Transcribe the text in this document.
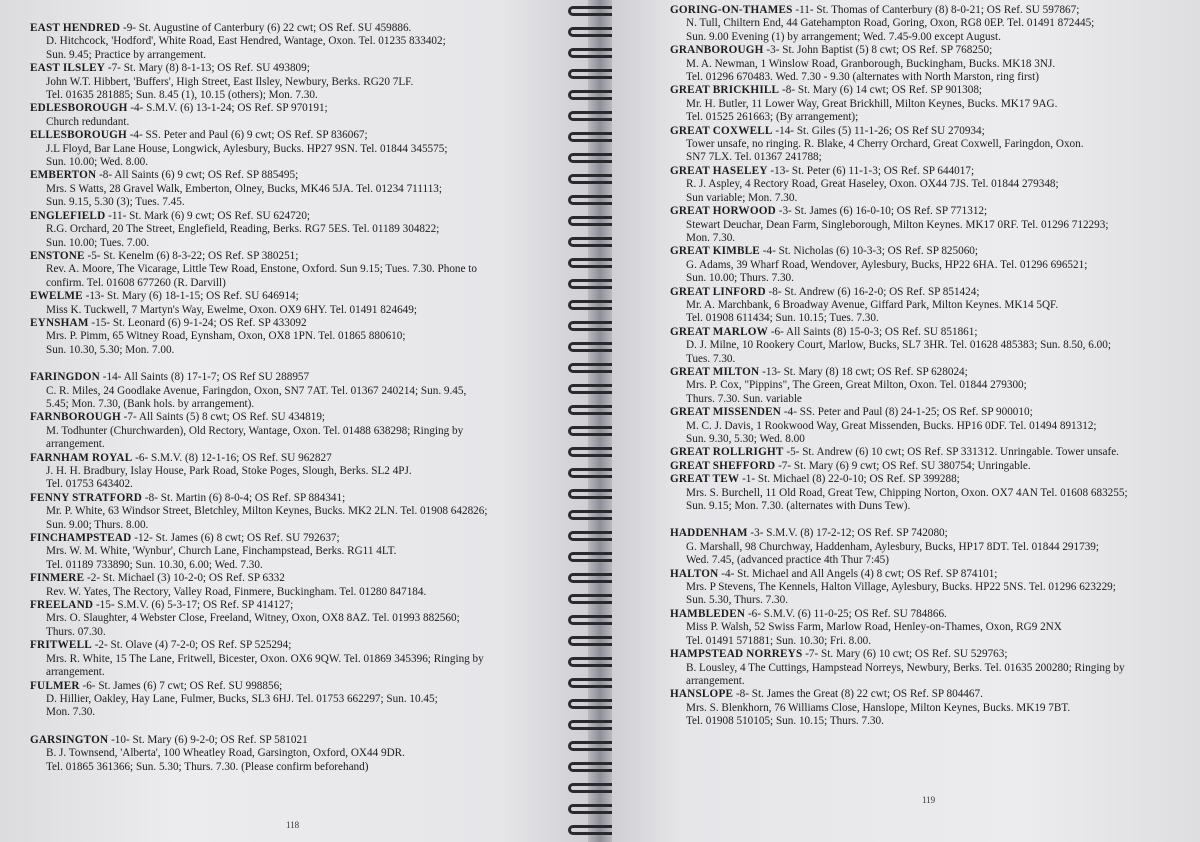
EAST HENDRED -9- St. Augustine of Canterbury (6) 22 cwt; OS Ref. SU 459886.
D. Hitchcock, 'Hodford', White Road, East Hendred, Wantage, Oxon. Tel. 01235 833402;
Sun. 9.45; Practice by arrangement.
EAST ILSLEY -7- St. Mary (8) 8-1-13; OS Ref. SU 493809;
John W.T. Hibbert, 'Buffers', High Street, East Ilsley, Newbury, Berks. RG20 7LF.
Tel. 01635 281885; Sun. 8.45 (1), 10.15 (others); Mon. 7.30.
EDLESBOROUGH -4- S.M.V. (6) 13-1-24; OS Ref. SP 970191;
Church redundant.
ELLESBOROUGH -4- SS. Peter and Paul (6) 9 cwt; OS Ref. SP 836067;
J.L Floyd, Bar Lane House, Longwick, Aylesbury, Bucks. HP27 9SN. Tel. 01844 345575;
Sun. 10.00; Wed. 8.00.
EMBERTON -8- All Saints (6) 9 cwt; OS Ref. SP 885495;
Mrs. S Watts, 28 Gravel Walk, Emberton, Olney, Bucks, MK46 5JA. Tel. 01234 711113;
Sun. 9.15, 5.30 (3); Tues. 7.45.
ENGLEFIELD -11- St. Mark (6) 9 cwt; OS Ref. SU 624720;
R.G. Orchard, 20 The Street, Englefield, Reading, Berks. RG7 5ES. Tel. 01189 304822;
Sun. 10.00; Tues. 7.00.
ENSTONE -5- St. Kenelm (6) 8-3-22; OS Ref. SP 380251;
Rev. A. Moore, The Vicarage, Little Tew Road, Enstone, Oxford. Sun 9.15; Tues. 7.30. Phone to
confirm. Tel. 01608 677260 (R. Darvill)
EWELME -13- St. Mary (6) 18-1-15; OS Ref. SU 646914;
Miss K. Tuckwell, 7 Martyn's Way, Ewelme, Oxon. OX9 6HY. Tel. 01491 824649;
EYNSHAM -15- St. Leonard (6) 9-1-24; OS Ref. SP 433092
Mrs. P. Pimm, 65 Witney Road, Eynsham, Oxon, OX8 1PN. Tel. 01865 880610;
Sun. 10.30, 5.30; Mon. 7.00.
FARINGDON -14- All Saints (8) 17-1-7; OS Ref SU 288957
C. R. Miles, 24 Goodlake Avenue, Faringdon, Oxon, SN7 7AT. Tel. 01367 240214; Sun. 9.45,
5.45; Mon. 7.30, (Bank hols. by arrangement).
FARNBOROUGH -7- All Saints (5) 8 cwt; OS Ref. SU 434819;
M. Todhunter (Churchwarden), Old Rectory, Wantage, Oxon. Tel. 01488 638298; Ringing by
arrangement.
FARNHAM ROYAL -6- S.M.V. (8) 12-1-16; OS Ref. SU 962827
J. H. H. Bradbury, Islay House, Park Road, Stoke Poges, Slough, Berks. SL2 4PJ.
Tel. 01753 643402.
FENNY STRATFORD -8- St. Martin (6) 8-0-4; OS Ref. SP 884341;
Mr. P. White, 63 Windsor Street, Bletchley, Milton Keynes, Bucks. MK2 2LN. Tel. 01908 642826;
Sun. 9.00; Thurs. 8.00.
FINCHAMPSTEAD -12- St. James (6) 8 cwt; OS Ref. SU 792637;
Mrs. W. M. White, 'Wynbur', Church Lane, Finchampstead, Berks. RG11 4LT.
Tel. 01189 733890; Sun. 10.30, 6.00; Wed. 7.30.
FINMERE -2- St. Michael (3) 10-2-0; OS Ref. SP 6332
Rev. W. Yates, The Rectory, Valley Road, Finmere, Buckingham. Tel. 01280 847184.
FREELAND -15- S.M.V. (6) 5-3-17; OS Ref. SP 414127;
Mrs. O. Slaughter, 4 Webster Close, Freeland, Witney, Oxon, OX8 8AZ. Tel. 01993 882560;
Thurs. 07.30.
FRITWELL -2- St. Olave (4) 7-2-0; OS Ref. SP 525294;
Mrs. R. White, 15 The Lane, Fritwell, Bicester, Oxon. OX6 9QW. Tel. 01869 345396; Ringing by
arrangement.
FULMER -6- St. James (6) 7 cwt; OS Ref. SU 998856;
D. Hillier, Oakley, Hay Lane, Fulmer, Bucks, SL3 6HJ. Tel. 01753 662297; Sun. 10.45;
Mon. 7.30.
GARSINGTON -10- St. Mary (6) 9-2-0; OS Ref. SP 581021
B. J. Townsend, 'Alberta', 100 Wheatley Road, Garsington, Oxford, OX44 9DR.
Tel. 01865 361366; Sun. 5.30; Thurs. 7.30. (Please confirm beforehand)
118
GORING-ON-THAMES -11- St. Thomas of Canterbury (8) 8-0-21; OS Ref. SU 597867;
N. Tull, Chiltern End, 44 Gatehampton Road, Goring, Oxon, RG8 0EP. Tel. 01491 872445;
Sun. 9.00 Evening (1) by arrangement; Wed. 7.45-9.00 except August.
GRANBOROUGH -3- St. John Baptist (5) 8 cwt; OS Ref. SP 768250;
M. A. Newman, 1 Winslow Road, Granborough, Buckingham, Bucks. MK18 3NJ.
Tel. 01296 670483. Wed. 7.30 - 9.30 (alternates with North Marston, ring first)
GREAT BRICKHILL -8- St. Mary (6) 14 cwt; OS Ref. SP 901308;
Mr. H. Butler, 11 Lower Way, Great Brickhill, Milton Keynes, Bucks. MK17 9AG.
Tel. 01525 261663; (By arrangement);
GREAT COXWELL -14- St. Giles (5) 11-1-26; OS Ref SU 270934;
Tower unsafe, no ringing. R. Blake, 4 Cherry Orchard, Great Coxwell, Faringdon, Oxon.
SN7 7LX. Tel. 01367 241788;
GREAT HASELEY -13- St. Peter (6) 11-1-3; OS Ref. SP 644017;
R. J. Aspley, 4 Rectory Road, Great Haseley, Oxon. OX44 7JS. Tel. 01844 279348;
Sun variable; Mon. 7.30.
GREAT HORWOOD -3- St. James (6) 16-0-10; OS Ref. SP 771312;
Stewart Deuchar, Dean Farm, Singleborough, Milton Keynes. MK17 0RF. Tel. 01296 712293;
Mon. 7.30.
GREAT KIMBLE -4- St. Nicholas (6) 10-3-3; OS Ref. SP 825060;
G. Adams, 39 Wharf Road, Wendover, Aylesbury, Bucks, HP22 6HA. Tel. 01296 696521;
Sun. 10.00; Thurs. 7.30.
GREAT LINFORD -8- St. Andrew (6) 16-2-0; OS Ref. SP 851424;
Mr. A. Marchbank, 6 Broadway Avenue, Giffard Park, Milton Keynes. MK14 5QF.
Tel. 01908 611434; Sun. 10.15; Tues. 7.30.
GREAT MARLOW -6- All Saints (8) 15-0-3; OS Ref. SU 851861;
D. J. Milne, 10 Rookery Court, Marlow, Bucks, SL7 3HR. Tel. 01628 485383; Sun. 8.50, 6.00;
Tues. 7.30.
GREAT MILTON -13- St. Mary (8) 18 cwt; OS Ref. SP 628024;
Mrs. P. Cox, "Pippins", The Green, Great Milton, Oxon. Tel. 01844 279300;
Thurs. 7.30. Sun. variable
GREAT MISSENDEN -4- SS. Peter and Paul (8) 24-1-25; OS Ref. SP 900010;
M. C. J. Davis, 1 Rookwood Way, Great Missenden, Bucks. HP16 0DF. Tel. 01494 891312;
Sun. 9.30, 5.30; Wed. 8.00
GREAT ROLLRIGHT -5- St. Andrew (6) 10 cwt; OS Ref. SP 331312. Unringable. Tower unsafe.
GREAT SHEFFORD -7- St. Mary (6) 9 cwt; OS Ref. SU 380754; Unringable.
GREAT TEW -1- St. Michael (8) 22-0-10; OS Ref. SP 399288;
Mrs. S. Burchell, 11 Old Road, Great Tew, Chipping Norton, Oxon. OX7 4AN Tel. 01608 683255;
Sun. 9.15; Mon. 7.30. (alternates with Duns Tew).
HADDENHAM -3- S.M.V. (8) 17-2-12; OS Ref. SP 742080;
G. Marshall, 98 Churchway, Haddenham, Aylesbury, Bucks, HP17 8DT. Tel. 01844 291739;
Wed. 7.45, (advanced practice 4th Thur 7:45)
HALTON -4- St. Michael and All Angels (4) 8 cwt; OS Ref. SP 874101;
Mrs. P Stevens, The Kennels, Halton Village, Aylesbury, Bucks. HP22 5NS. Tel. 01296 623229;
Sun. 5.30, Thurs. 7.30.
HAMBLEDEN -6- S.M.V. (6) 11-0-25; OS Ref. SU 784866.
Miss P. Walsh, 52 Swiss Farm, Marlow Road, Henley-on-Thames, Oxon, RG9 2NX
Tel. 01491 571881; Sun. 10.30; Fri. 8.00.
HAMPSTEAD NORREYS -7- St. Mary (6) 10 cwt; OS Ref. SU 529763;
B. Lousley, 4 The Cuttings, Hampstead Norreys, Newbury, Berks. Tel. 01635 200280; Ringing by
arrangement.
HANSLOPE -8- St. James the Great (8) 22 cwt; OS Ref. SP 804467.
Mrs. S. Blenkhorn, 76 Williams Close, Hanslope, Milton Keynes, Bucks. MK19 7BT.
Tel. 01908 510105; Sun. 10.15; Thurs. 7.30.
119
